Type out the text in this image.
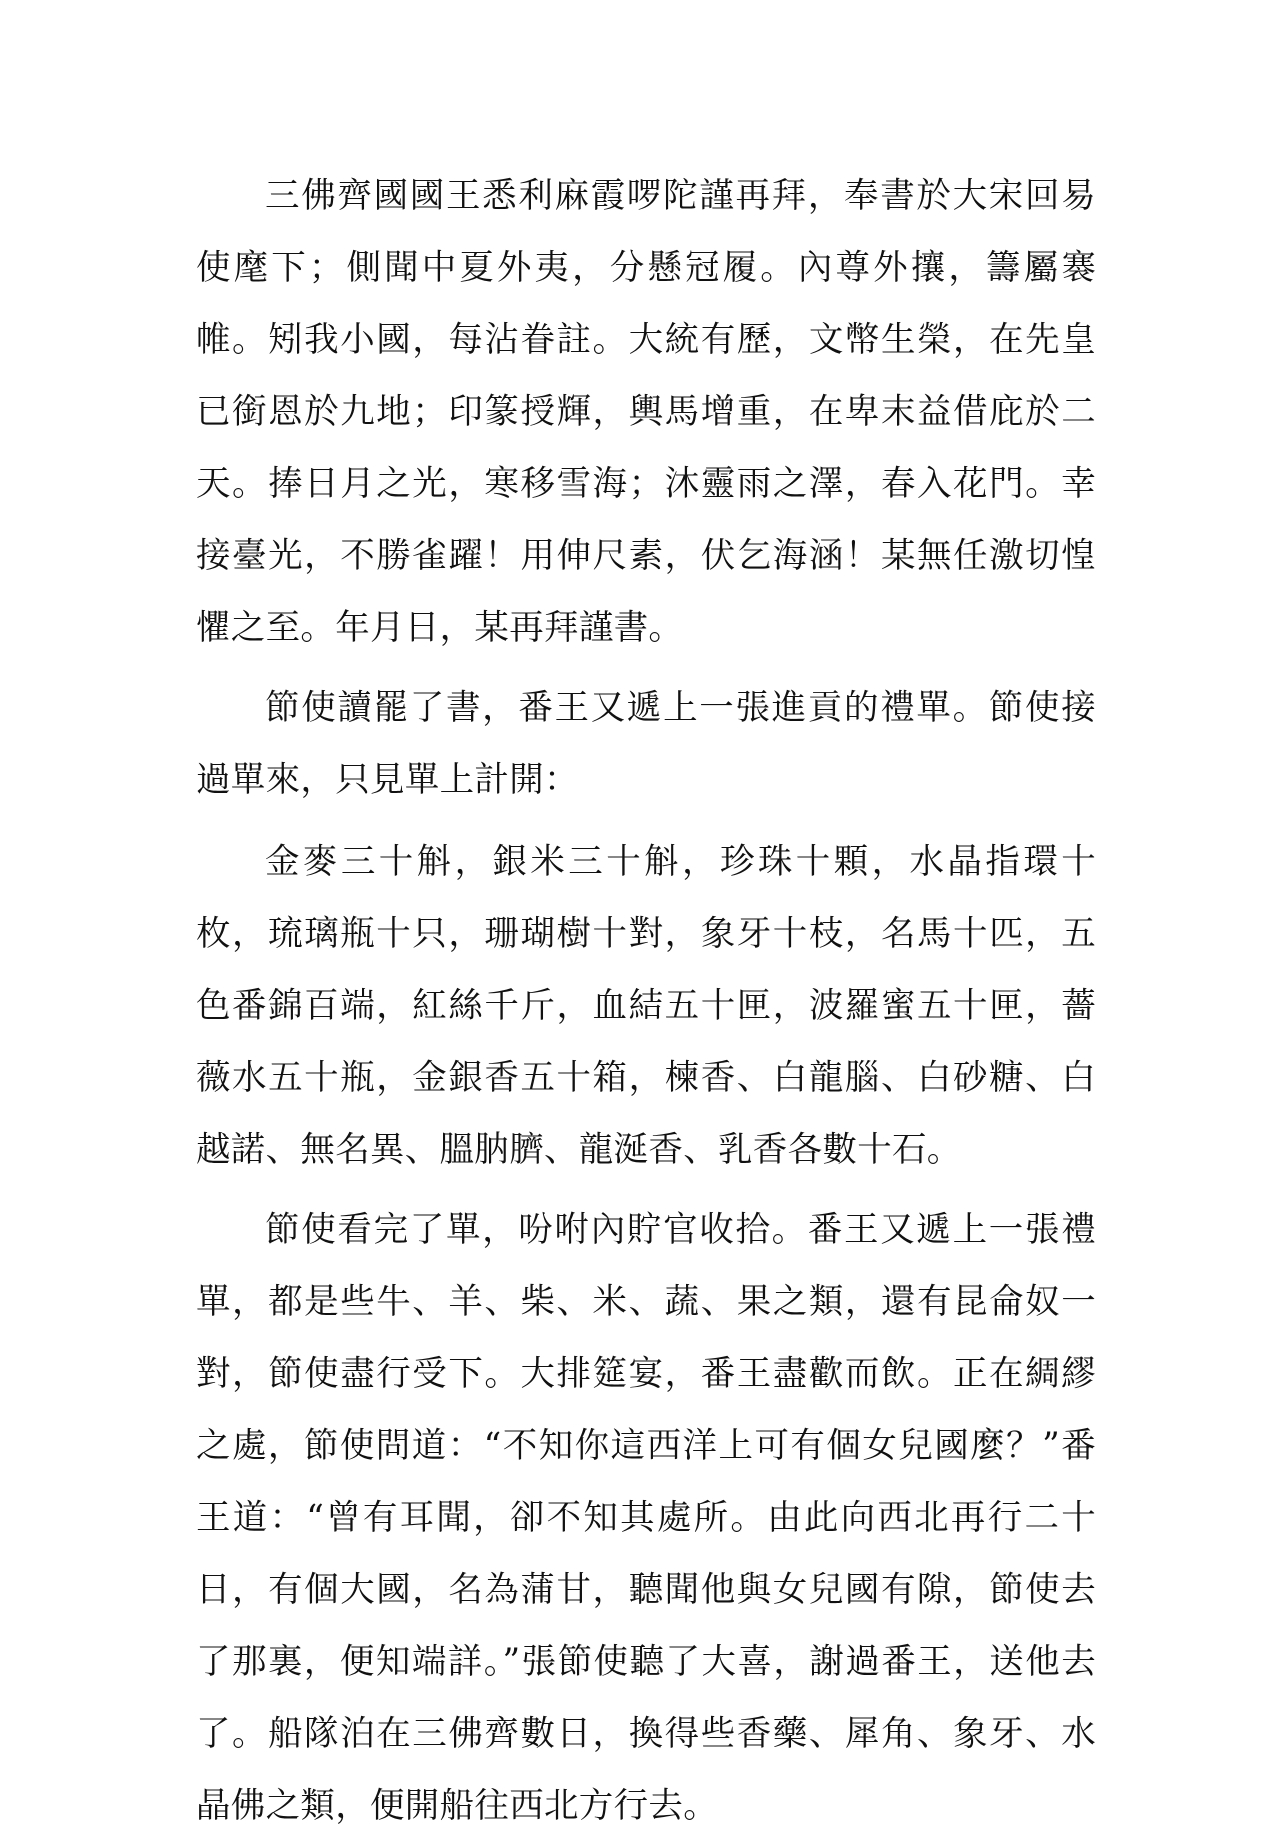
三佛齊國國王悉利麻霞啰陀謹再拜，奉書於大宋回易使麾下；側聞中夏外夷，分懸冠履。內尊外攘，籌屬褰帷。矧我小國，每沾眷註。大統有歷，文幣生榮，在先皇已銜恩於九地；印篆授輝，輿馬增重，在卑末益借庇於二天。捧日月之光，寒移雪海；沐靈雨之澤，春入花門。幸接臺光，不勝雀躍！用伸尺素，伏乞海涵！某無任激切惶懼之至。年月日，某再拜謹書。

節使讀罷了書，番王又遞上一張進貢的禮單。節使接過單來，只見單上計開：

金麥三十斛，銀米三十斛，珍珠十顆，水晶指環十枚，琉璃瓶十只，珊瑚樹十對，象牙十枝，名馬十匹，五色番錦百端，紅絲千斤，血結五十匣，波羅蜜五十匣，薔薇水五十瓶，金銀香五十箱，楝香、白龍腦、白砂糖、白越諾、無名異、膃肭臍、龍涎香、乳香各數十石。

節使看完了單，吩咐內貯官收拾。番王又遞上一張禮單，都是些牛、羊、柴、米、蔬、果之類，還有昆侖奴一對，節使盡行受下。大排筵宴，番王盡歡而飲。正在綢繆之處，節使問道：“不知你這西洋上可有個女兒國麼？”番王道：“曾有耳聞，卻不知其處所。由此向西北再行二十日，有個大國，名為蒲甘，聽聞他與女兒國有隙，節使去了那裏，便知端詳。”張節使聽了大喜，謝過番王，送他去了。船隊泊在三佛齊數日，換得些香藥、犀角、象牙、水晶佛之類，便開船往西北方行去。
